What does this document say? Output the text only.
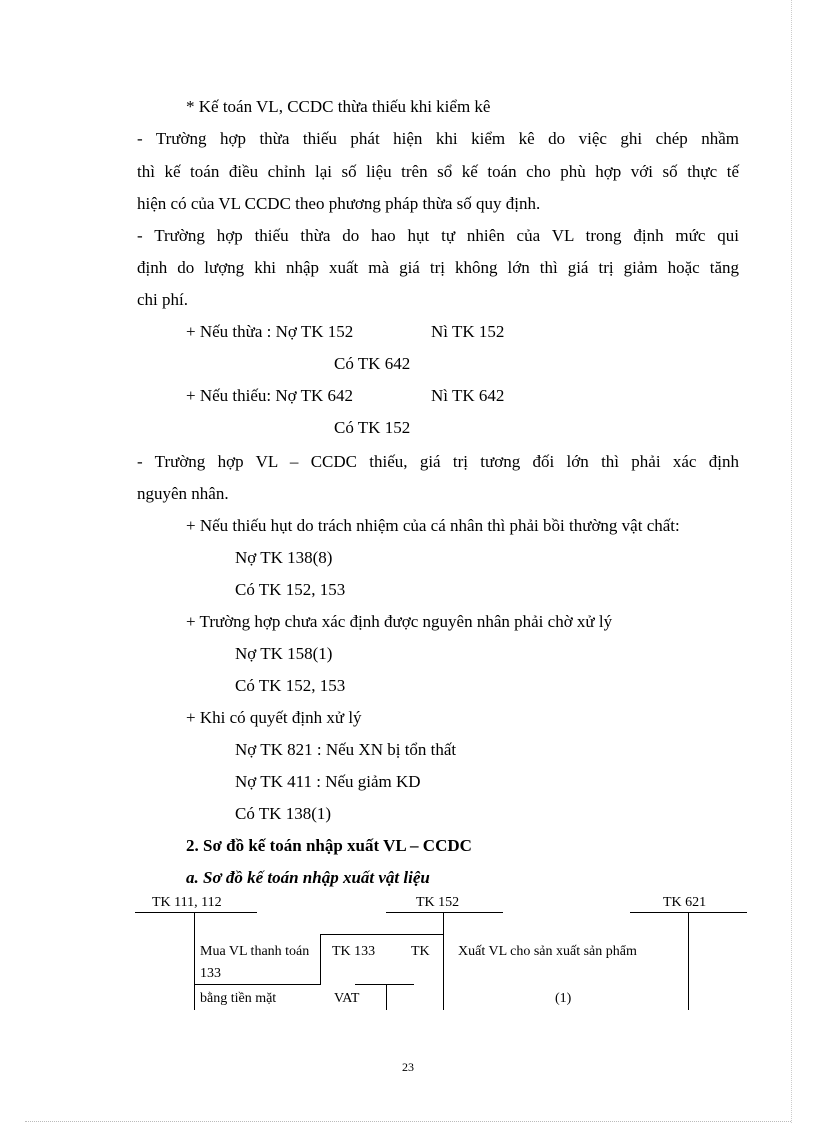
* Kế toán VL, CCDC thừa thiếu khi kiểm kê
- Trường hợp thừa thiếu phát hiện khi kiểm kê do việc ghi chép nhầm
thì kế toán điều chỉnh lại số liệu trên sổ kế toán cho phù hợp với số thực tế
hiện có của VL CCDC theo phương pháp thừa số quy định.
- Trường hợp thiếu thừa do hao hụt tự nhiên của VL trong định mức qui
định do lượng khi nhập xuất mà giá trị không lớn thì giá trị giảm hoặc tăng
chi phí.
+ Nếu thừa : Nợ TK 152	Nì TK 152
Có TK 642
+ Nếu thiếu: Nợ TK 642	Nì TK 642
Có TK 152
- Trường hợp VL – CCDC thiếu, giá trị tương đối lớn thì phải xác định
nguyên nhân.
+ Nếu thiếu hụt do trách nhiệm của cá nhân thì phải bồi thường vật chất:
Nợ TK 138(8)
Có TK 152, 153
+ Trường hợp chưa xác định được nguyên nhân phải chờ xử lý
Nợ TK 158(1)
Có TK 152, 153
+ Khi có quyết định xử lý
Nợ TK 821 : Nếu XN bị tổn thất
Nợ TK 411 : Nếu giảm KD
Có TK 138(1)
2. Sơ đồ kế toán nhập xuất VL – CCDC
a. Sơ đồ kế toán nhập xuất vật liệu
TK 111, 112	TK 152	TK 621
Mua VL thanh toán
133
bằng tiền mặt
TK 133	TK
VAT
Xuất VL cho sản xuất sản phẩm
(1)
23
